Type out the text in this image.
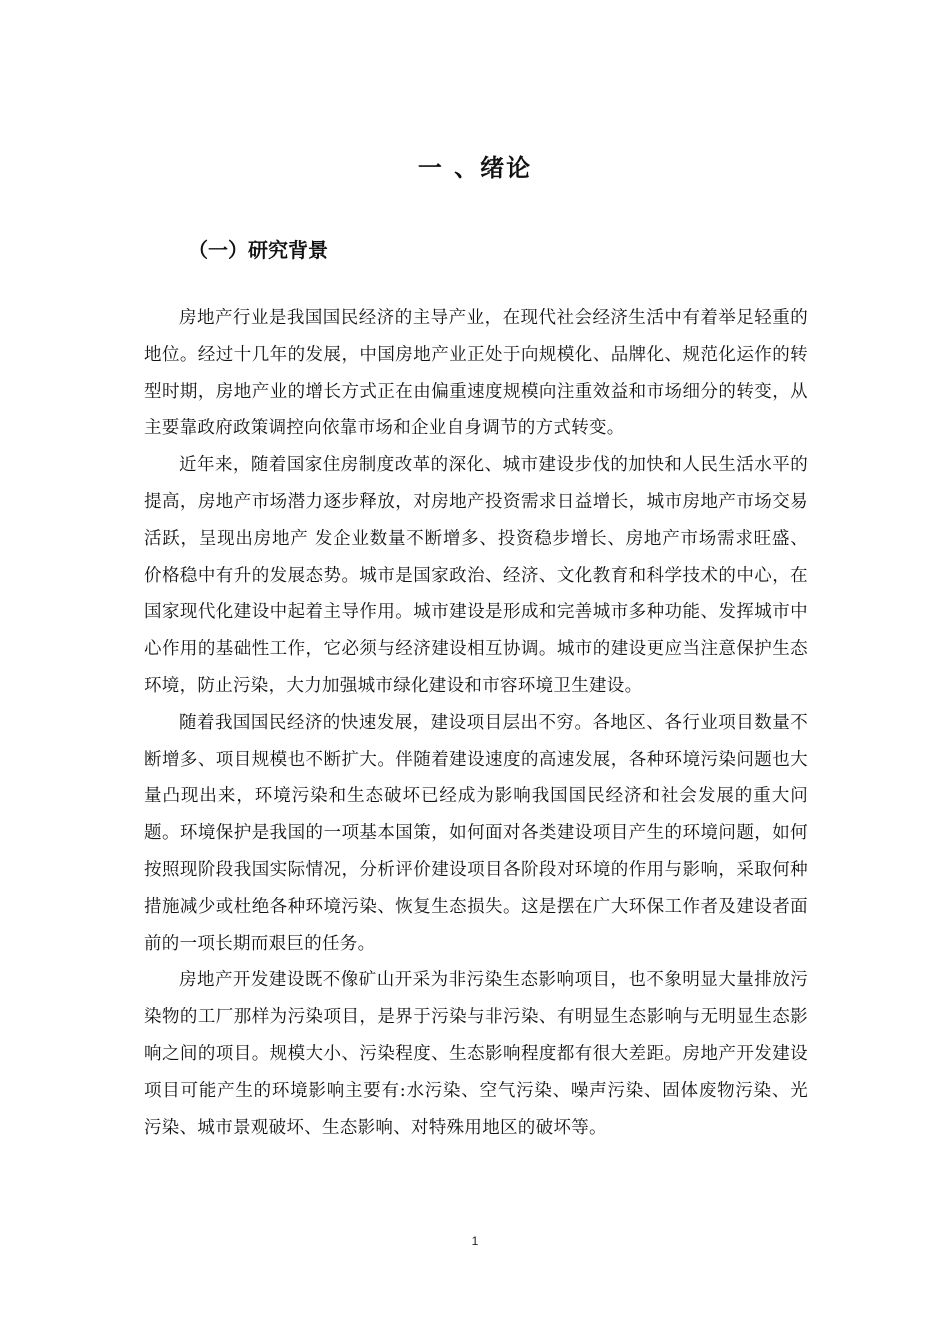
一 、绪论
（一）研究背景

房地产行业是我国国民经济的主导产业，在现代社会经济生活中有着举足轻重的地位。经过十几年的发展，中国房地产业正处于向规模化、品牌化、规范化运作的转型时期，房地产业的增长方式正在由偏重速度规模向注重效益和市场细分的转变，从主要靠政府政策调控向依靠市场和企业自身调节的方式转变。

近年来，随着国家住房制度改革的深化、城市建设步伐的加快和人民生活水平的提高，房地产市场潜力逐步释放，对房地产投资需求日益增长，城市房地产市场交易活跃，呈现出房地产 发企业数量不断增多、投资稳步增长、房地产市场需求旺盛、价格稳中有升的发展态势。城市是国家政治、经济、文化教育和科学技术的中心，在国家现代化建设中起着主导作用。城市建设是形成和完善城市多种功能、发挥城市中心作用的基础性工作，它必须与经济建设相互协调。城市的建设更应当注意保护生态环境，防止污染，大力加强城市绿化建设和市容环境卫生建设。

随着我国国民经济的快速发展，建设项目层出不穷。各地区、各行业项目数量不断增多、项目规模也不断扩大。伴随着建设速度的高速发展，各种环境污染问题也大量凸现出来，环境污染和生态破坏已经成为影响我国国民经济和社会发展的重大问题。环境保护是我国的一项基本国策，如何面对各类建设项目产生的环境问题，如何按照现阶段我国实际情况，分析评价建设项目各阶段对环境的作用与影响，采取何种措施减少或杜绝各种环境污染、恢复生态损失。这是摆在广大环保工作者及建设者面前的一项长期而艰巨的任务。

房地产开发建设既不像矿山开采为非污染生态影响项目，也不象明显大量排放污染物的工厂那样为污染项目，是界于污染与非污染、有明显生态影响与无明显生态影响之间的项目。规模大小、污染程度、生态影响程度都有很大差距。房地产开发建设项目可能产生的环境影响主要有:水污染、空气污染、噪声污染、固体废物污染、光污染、城市景观破坏、生态影响、对特殊用地区的破坏等。

1
